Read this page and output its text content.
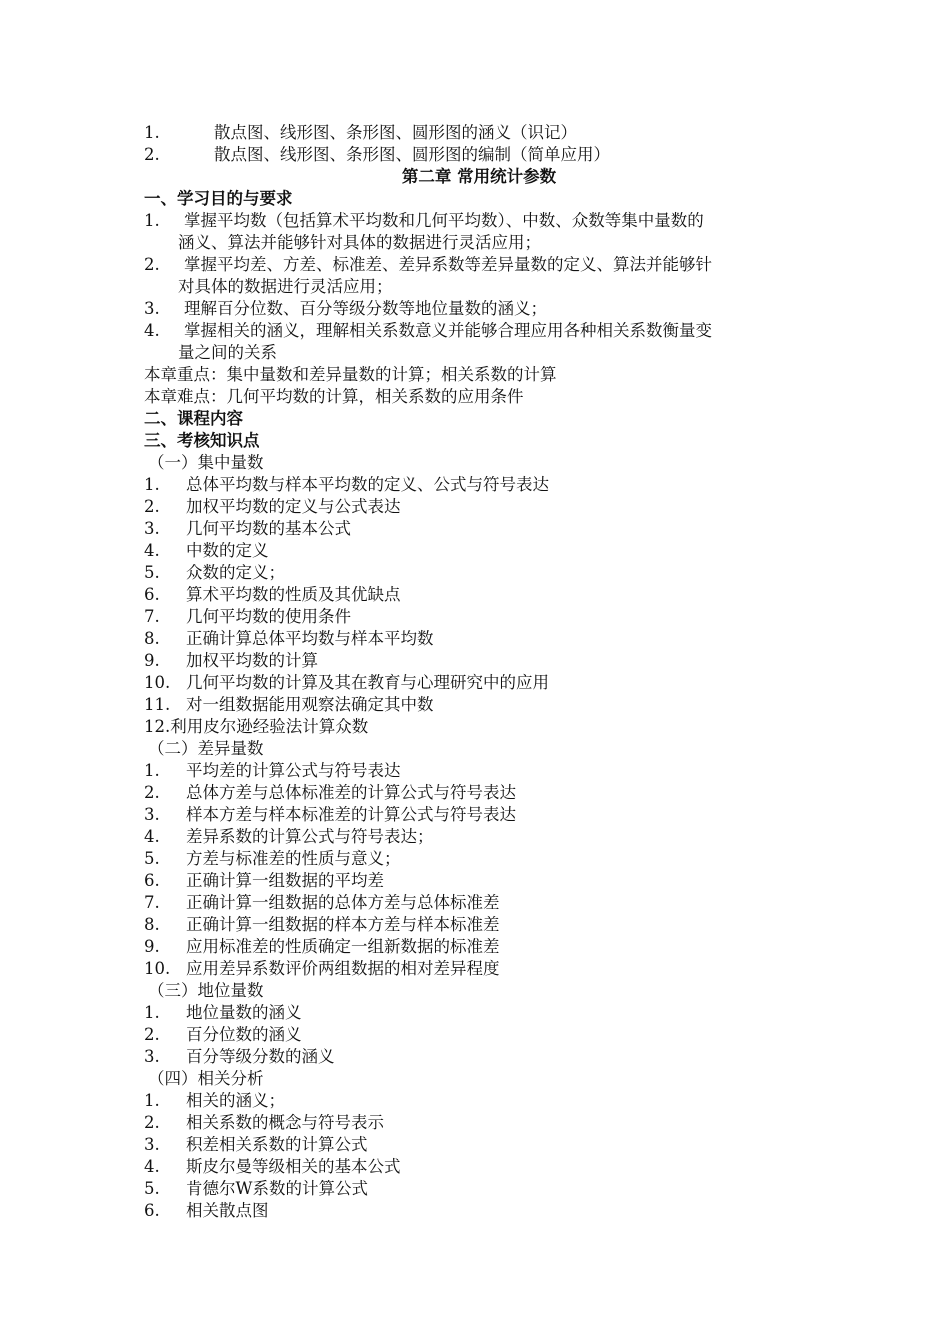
1.	散点图、线形图、条形图、圆形图的涵义（识记）
2.	散点图、线形图、条形图、圆形图的编制（简单应用）
第二章 常用统计参数
一、学习目的与要求
1. 掌握平均数（包括算术平均数和几何平均数）、中数、众数等集中量数的
涵义、算法并能够针对具体的数据进行灵活应用；
2. 掌握平均差、方差、标准差、差异系数等差异量数的定义、算法并能够针
对具体的数据进行灵活应用；
3. 理解百分位数、百分等级分数等地位量数的涵义；
4. 掌握相关的涵义，理解相关系数意义并能够合理应用各种相关系数衡量变
量之间的关系
本章重点：集中量数和差异量数的计算；相关系数的计算
本章难点：几何平均数的计算，相关系数的应用条件
二、课程内容
三、考核知识点
（一）集中量数
1. 总体平均数与样本平均数的定义、公式与符号表达
2. 加权平均数的定义与公式表达
3. 几何平均数的基本公式
4. 中数的定义
5. 众数的定义；
6. 算术平均数的性质及其优缺点
7. 几何平均数的使用条件
8. 正确计算总体平均数与样本平均数
9. 加权平均数的计算
10. 几何平均数的计算及其在教育与心理研究中的应用
11. 对一组数据能用观察法确定其中数
12.利用皮尔逊经验法计算众数
（二）差异量数
1. 平均差的计算公式与符号表达
2. 总体方差与总体标准差的计算公式与符号表达
3. 样本方差与样本标准差的计算公式与符号表达
4. 差异系数的计算公式与符号表达；
5. 方差与标准差的性质与意义；
6. 正确计算一组数据的平均差
7. 正确计算一组数据的总体方差与总体标准差
8. 正确计算一组数据的样本方差与样本标准差
9. 应用标准差的性质确定一组新数据的标准差
10. 应用差异系数评价两组数据的相对差异程度
（三）地位量数
1. 地位量数的涵义
2. 百分位数的涵义
3. 百分等级分数的涵义
（四）相关分析
1. 相关的涵义；
2. 相关系数的概念与符号表示
3. 积差相关系数的计算公式
4. 斯皮尔曼等级相关的基本公式
5. 肯德尔W系数的计算公式
6. 相关散点图
